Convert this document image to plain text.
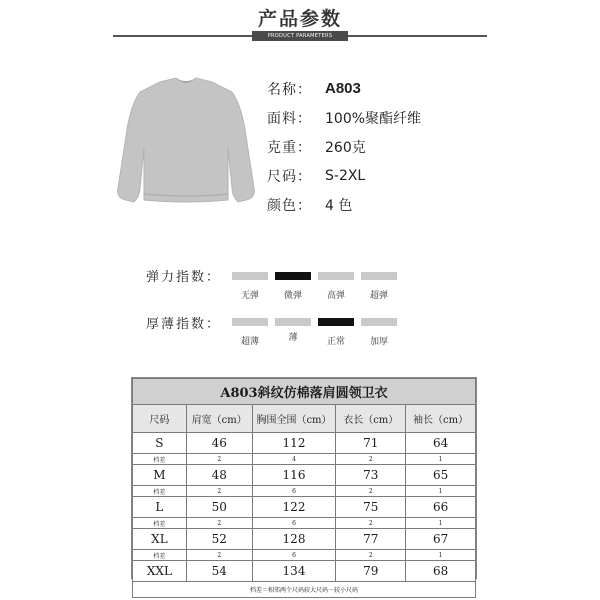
产品参数
PRODUCT PARAMETERS
名称： A803
面料： 100%聚酯纤维
克重： 260克
尺码： S-2XL
颜色： 4 色
弹力指数：
无弹	微弹	高弹	超弹
厚薄指数：
超薄	薄	正常	加厚
A803斜纹仿棉落肩圆领卫衣				
尺码	肩宽（cm）	胸围全围（cm）	衣长（cm）	袖长（cm）
S	46	112	71	64
档差	2	4	2	1
M	48	116	73	65
档差	2	6	2	1
L	50	122	75	66
档差	2	6	2	1
XL	52	128	77	67
档差	2	6	2	1
XXL	54	134	79	68
档差＝相邻两个尺码较大尺码－较小尺码				
